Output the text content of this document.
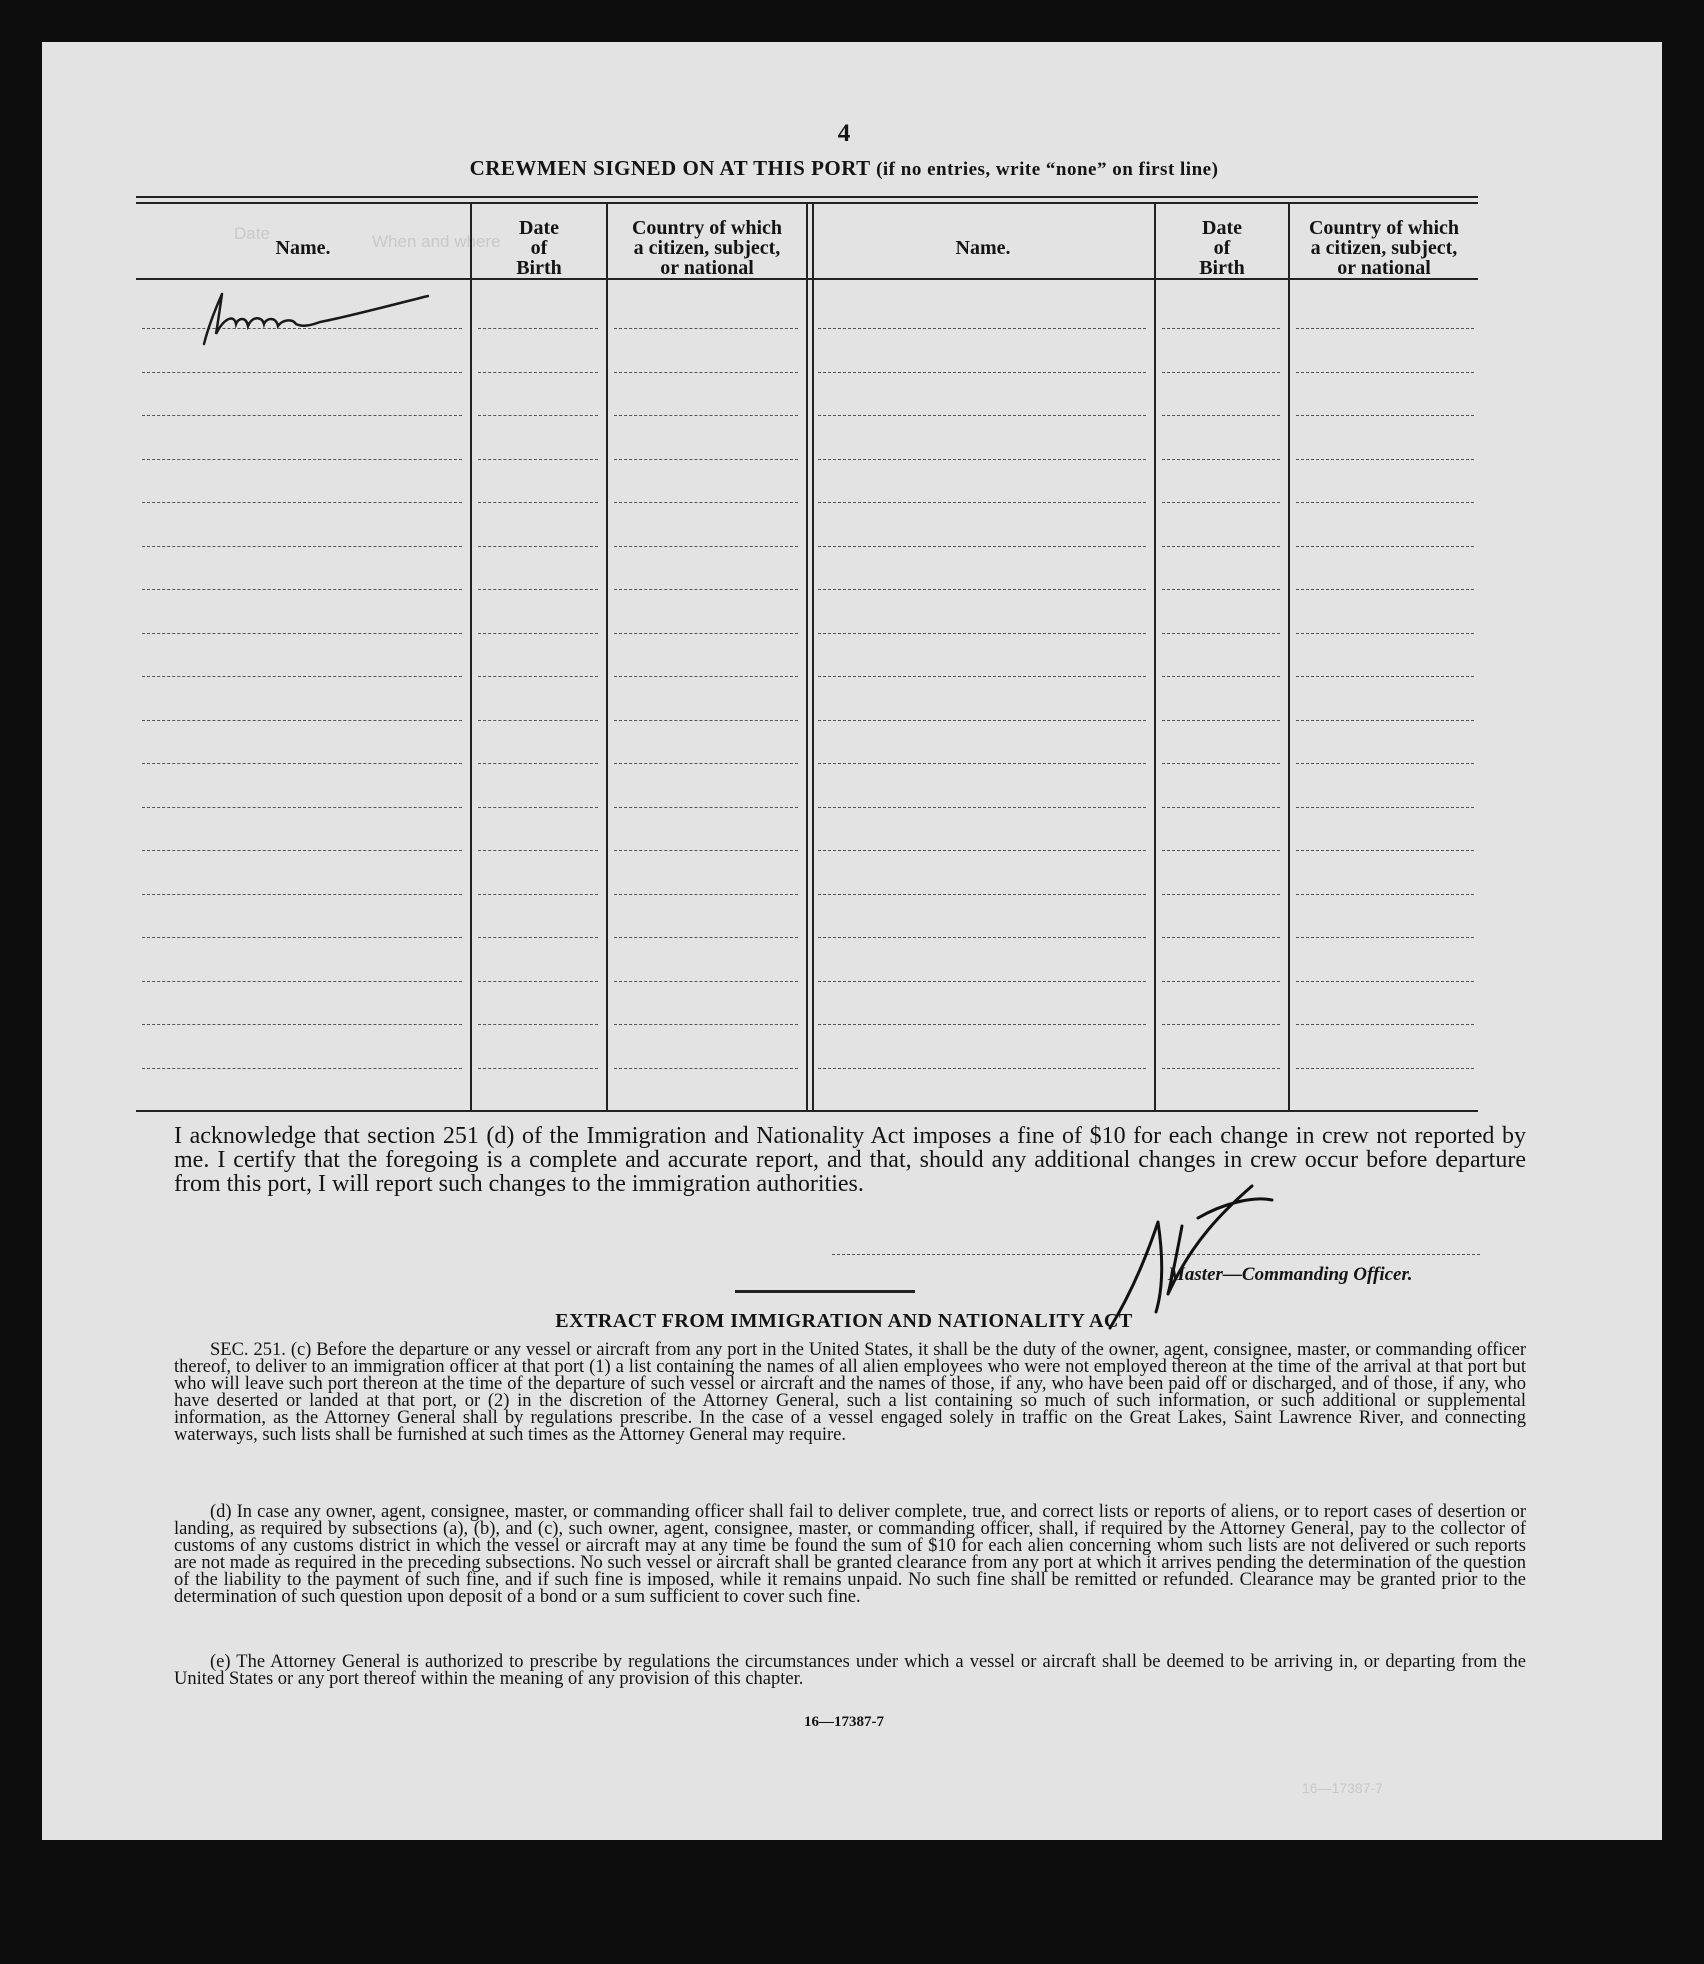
4
CREWMEN SIGNED ON AT THIS PORT (if no entries, write “none” on first line)
Date	When and where
16—17387-7
Name.
Date
of
Birth
Country of which
a citizen, subject,
or national
Name.
Date
of
Birth
Country of which
a citizen, subject,
or national
I acknowledge that section 251 (d) of the Immigration and Nationality Act imposes a fine of $10 for each change in crew not reported by me. I certify that the foregoing is a complete and accurate report, and that, should any additional changes in crew occur before departure from this port, I will report such changes to the immigration authorities.
Master—Commanding Officer.
EXTRACT FROM IMMIGRATION AND NATIONALITY ACT
SEC. 251. (c) Before the departure or any vessel or aircraft from any port in the United States, it shall be the duty of the owner, agent, consignee, master, or commanding officer thereof, to deliver to an immigration officer at that port (1) a list containing the names of all alien employees who were not employed thereon at the time of the arrival at that port but who will leave such port thereon at the time of the departure of such vessel or aircraft and the names of those, if any, who have been paid off or discharged, and of those, if any, who have deserted or landed at that port, or (2) in the discretion of the Attorney General, such a list containing so much of such information, or such additional or supplemental information, as the Attorney General shall by regulations prescribe. In the case of a vessel engaged solely in traffic on the Great Lakes, Saint Lawrence River, and connecting waterways, such lists shall be furnished at such times as the Attorney General may require.
(d) In case any owner, agent, consignee, master, or commanding officer shall fail to deliver complete, true, and correct lists or reports of aliens, or to report cases of desertion or landing, as required by subsections (a), (b), and (c), such owner, agent, consignee, master, or commanding officer, shall, if required by the Attorney General, pay to the collector of customs of any customs district in which the vessel or aircraft may at any time be found the sum of $10 for each alien concerning whom such lists are not delivered or such reports are not made as required in the preceding subsections. No such vessel or aircraft shall be granted clearance from any port at which it arrives pending the determination of the question of the liability to the payment of such fine, and if such fine is imposed, while it remains unpaid. No such fine shall be remitted or refunded. Clearance may be granted prior to the determination of such question upon deposit of a bond or a sum sufficient to cover such fine.
(e) The Attorney General is authorized to prescribe by regulations the circumstances under which a vessel or aircraft shall be deemed to be arriving in, or departing from the United States or any port thereof within the meaning of any provision of this chapter.
16—17387-7
